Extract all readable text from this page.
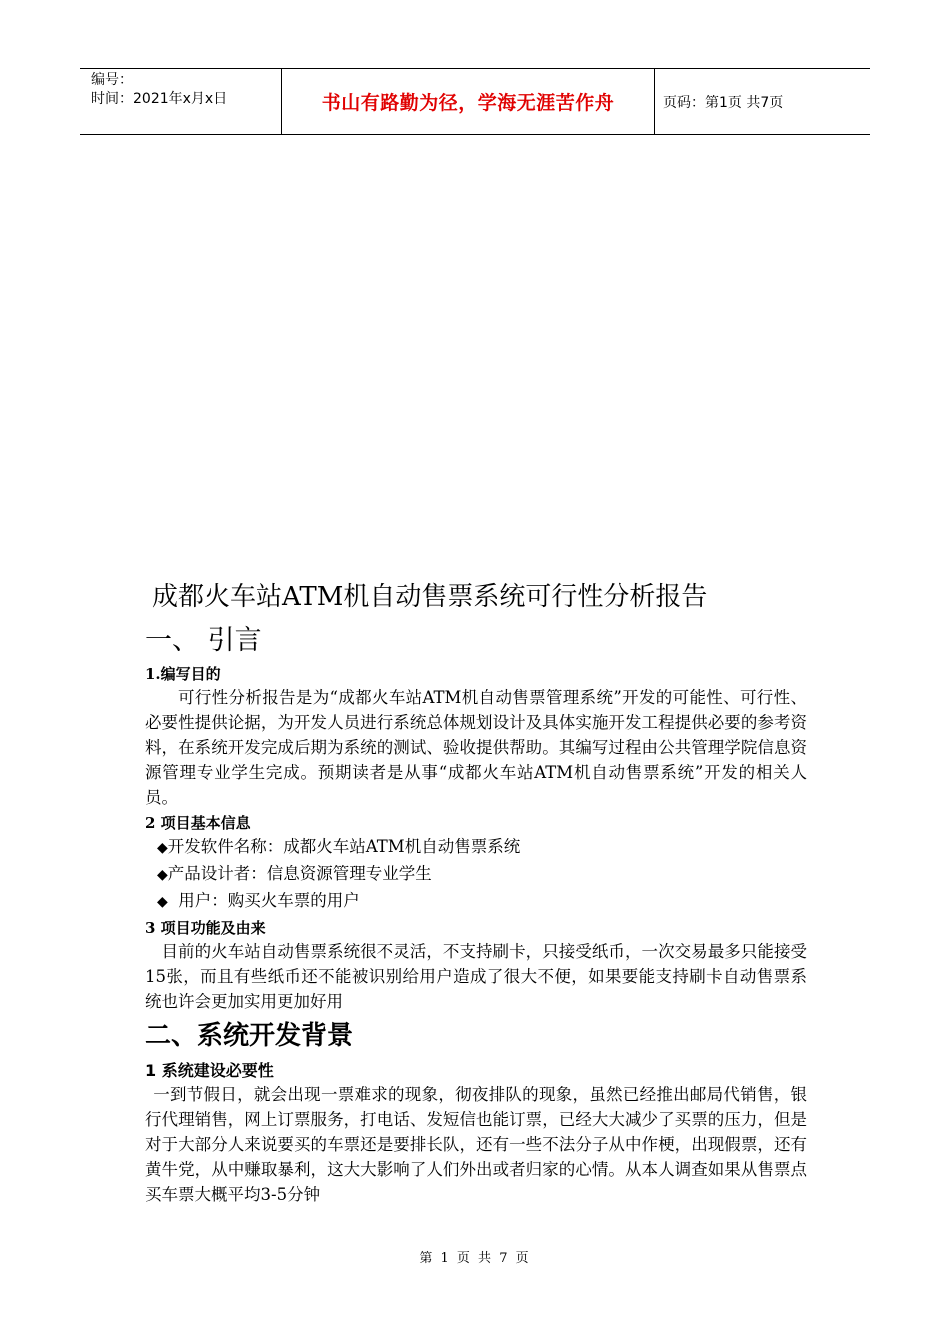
编号：
时间：2021年x月x日	书山有路勤为径，学海无涯苦作舟	页码：第1页 共7页
成都火车站ATM机自动售票系统可行性分析报告
一、 引言
1.编写目的

可行性分析报告是为“成都火车站ATM机自动售票管理系统”开发的可能性、可行性、必要性提供论据，为开发人员进行系统总体规划设计及具体实施开发工程提供必要的参考资料，在系统开发完成后期为系统的测试、验收提供帮助。其编写过程由公共管理学院信息资源管理专业学生完成。预期读者是从事“成都火车站ATM机自动售票系统”开发的相关人员。

2 项目基本信息
◆开发软件名称：成都火车站ATM机自动售票系统
◆产品设计者：信息资源管理专业学生
◆  用户：购买火车票的用户
3 项目功能及由来

目前的火车站自动售票系统很不灵活，不支持刷卡，只接受纸币，一次交易最多只能接受15张，而且有些纸币还不能被识别给用户造成了很大不便，如果要能支持刷卡自动售票系统也许会更加实用更加好用

二、系统开发背景
1 系统建设必要性

一到节假日，就会出现一票难求的现象，彻夜排队的现象，虽然已经推出邮局代销售，银行代理销售，网上订票服务，打电话、发短信也能订票，已经大大减少了买票的压力，但是对于大部分人来说要买的车票还是要排长队，还有一些不法分子从中作梗，出现假票，还有黄牛党，从中赚取暴利，这大大影响了人们外出或者归家的心情。从本人调查如果从售票点买车票大概平均3-5分钟

第 1 页 共 7 页
